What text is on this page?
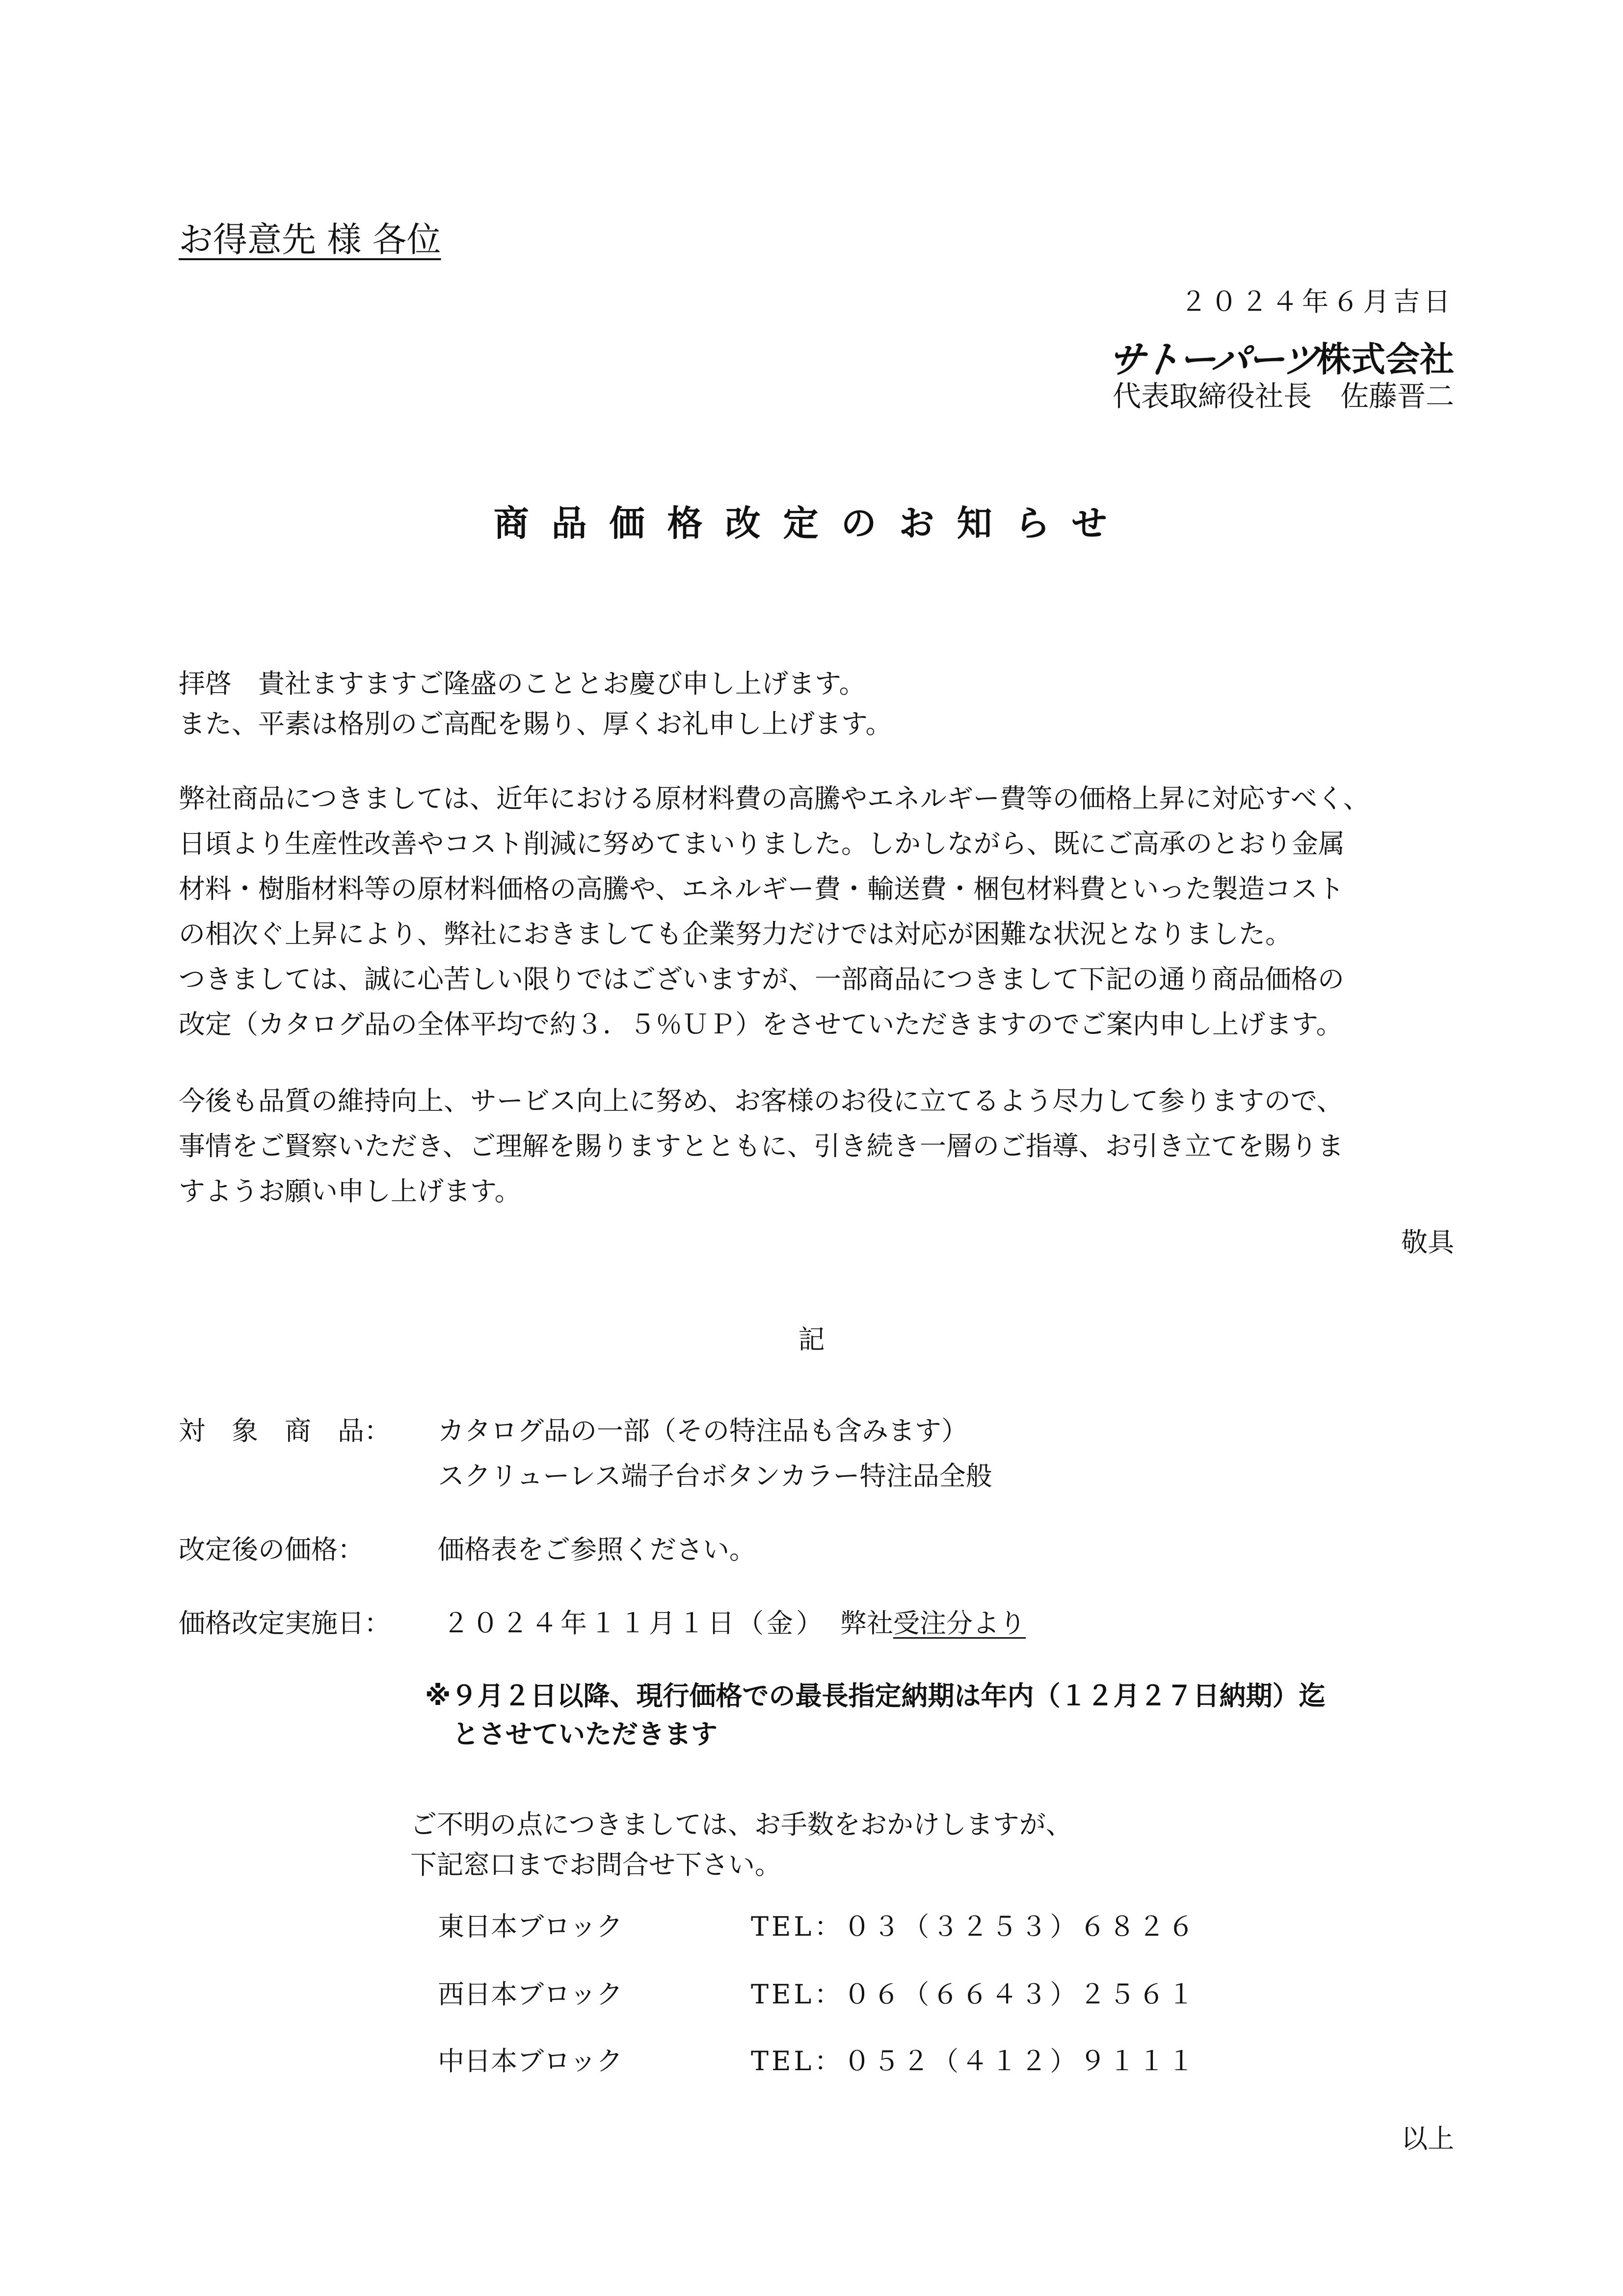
お得意先 様 各位
２０２４年６月吉日
サトーパーツ
株式会社
代表取締役社長　佐藤晋二
商品価格改定のお知らせ
拝啓　貴社ますますご隆盛のこととお慶び申し上げます。
また、平素は格別のご高配を賜り、厚くお礼申し上げます。
弊社商品につきましては、近年における原材料費の高騰やエネルギー費等の価格上昇に対応すべく、
日頃より生産性改善やコスト削減に努めてまいりました。しかしながら、既にご高承のとおり金属
材料・樹脂材料等の原材料価格の高騰や、エネルギー費・輸送費・梱包材料費といった製造コスト
の相次ぐ上昇により、弊社におきましても企業努力だけでは対応が困難な状況となりました。
つきましては、誠に心苦しい限りではございますが、一部商品につきまして下記の通り商品価格の
改定（カタログ品の全体平均で約３．５％ＵＰ）をさせていただきますのでご案内申し上げます。
今後も品質の維持向上、サービス向上に努め、お客様のお役に立てるよう尽力して参りますので、
事情をご賢察いただき、ご理解を賜りますとともに、引き続き一層のご指導、お引き立てを賜りま
すようお願い申し上げます。
敬具
記
対　象　商　品： カタログ品の一部（その特注品も含みます）
スクリューレス端子台ボタンカラー特注品全般
改定後の価格：	価格表をご参照ください。
価格改定実施日： ２０２４年１１月１日（金） 弊社受注分より
※９月２日以降、現行価格での最長指定納期は年内（１２月２７日納期）迄
とさせていただきます
ご不明の点につきましては、お手数をおかけしますが、
下記窓口までお問合せ下さい。
東日本ブロック	TEL：０３（３２５３）６８２６
西日本ブロック	TEL：０６（６６４３）２５６１
中日本ブロック	TEL：０５２（４１２）９１１１
以上
